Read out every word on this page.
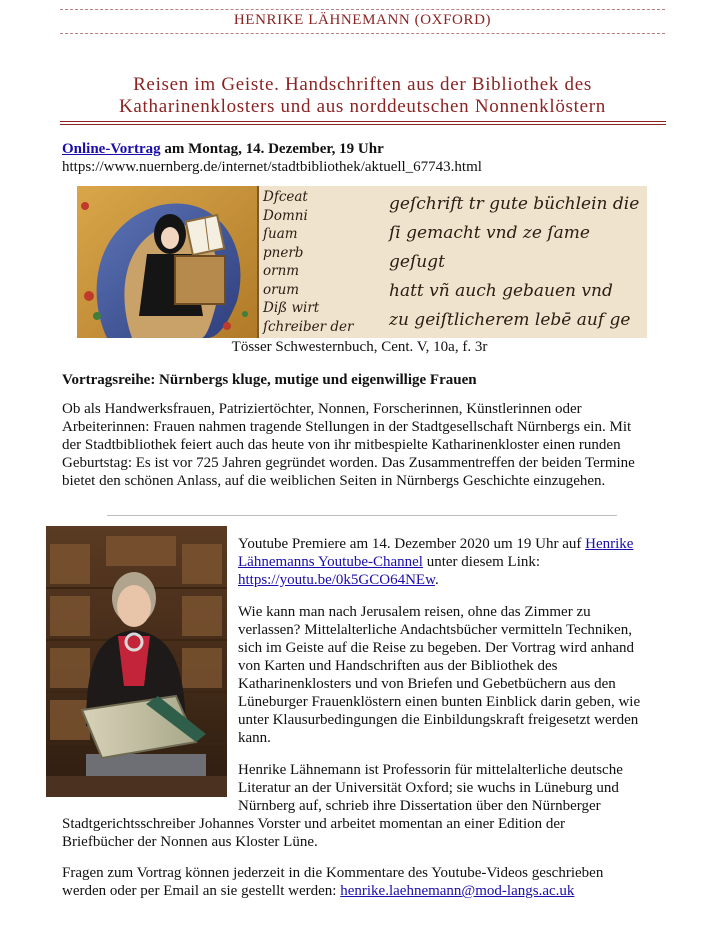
HENRIKE LÄHNEMANN (OXFORD)
Reisen im Geiste. Handschriften aus der Bibliothek des
Katharinenklosters und aus norddeutschen Nonnenklöstern
Online-Vortrag am Montag, 14. Dezember, 19 Uhr
https://www.nuernberg.de/internet/stadtbibliothek/aktuell_67743.html
Dfceat
Domni
ſuam
pnerb
ornm
orum
Diß wirt
ſchreiber der
geſchrift tr gute büchlein die
ſi gemacht vnd ze ſame geſugt
hatt vñ auch gebauen vnd
zu geiſtlicherem lebē auf ge
Tösser Schwesternbuch, Cent. V, 10a, f. 3r
Vortragsreihe: Nürnbergs kluge, mutige und eigenwillige Frauen
Ob als Handwerksfrauen, Patriziertöchter, Nonnen, Forscherinnen, Künstlerinnen oder
Arbeiterinnen: Frauen nahmen tragende Stellungen in der Stadtgesellschaft Nürnbergs ein. Mit
der Stadtbibliothek feiert auch das heute von ihr mitbespielte Katharinenkloster einen runden
Geburtstag: Es ist vor 725 Jahren gegründet worden. Das Zusammentreffen der beiden Termine
bietet den schönen Anlass, auf die weiblichen Seiten in Nürnbergs Geschichte einzugehen.
Youtube Premiere am 14. Dezember 2020 um 19 Uhr auf Henrike
Lähnemanns Youtube-Channel unter diesem Link:
https://youtu.be/0k5GCO64NEw.
Wie kann man nach Jerusalem reisen, ohne das Zimmer zu
verlassen? Mittelalterliche Andachtsbücher vermitteln Techniken,
sich im Geiste auf die Reise zu begeben. Der Vortrag wird anhand
von Karten und Handschriften aus der Bibliothek des
Katharinenklosters und von Briefen und Gebetbüchern aus den
Lüneburger Frauenklöstern einen bunten Einblick darin geben, wie
unter Klausurbedingungen die Einbildungskraft freigesetzt werden
kann.
Henrike Lähnemann ist Professorin für mittelalterliche deutsche
Literatur an der Universität Oxford; sie wuchs in Lüneburg und
Nürnberg auf, schrieb ihre Dissertation über den Nürnberger
Stadtgerichtsschreiber Johannes Vorster und arbeitet momentan an einer Edition der
Briefbücher der Nonnen aus Kloster Lüne.
Fragen zum Vortrag können jederzeit in die Kommentare des Youtube-Videos geschrieben
werden oder per Email an sie gestellt werden: henrike.laehnemann@mod-langs.ac.uk
